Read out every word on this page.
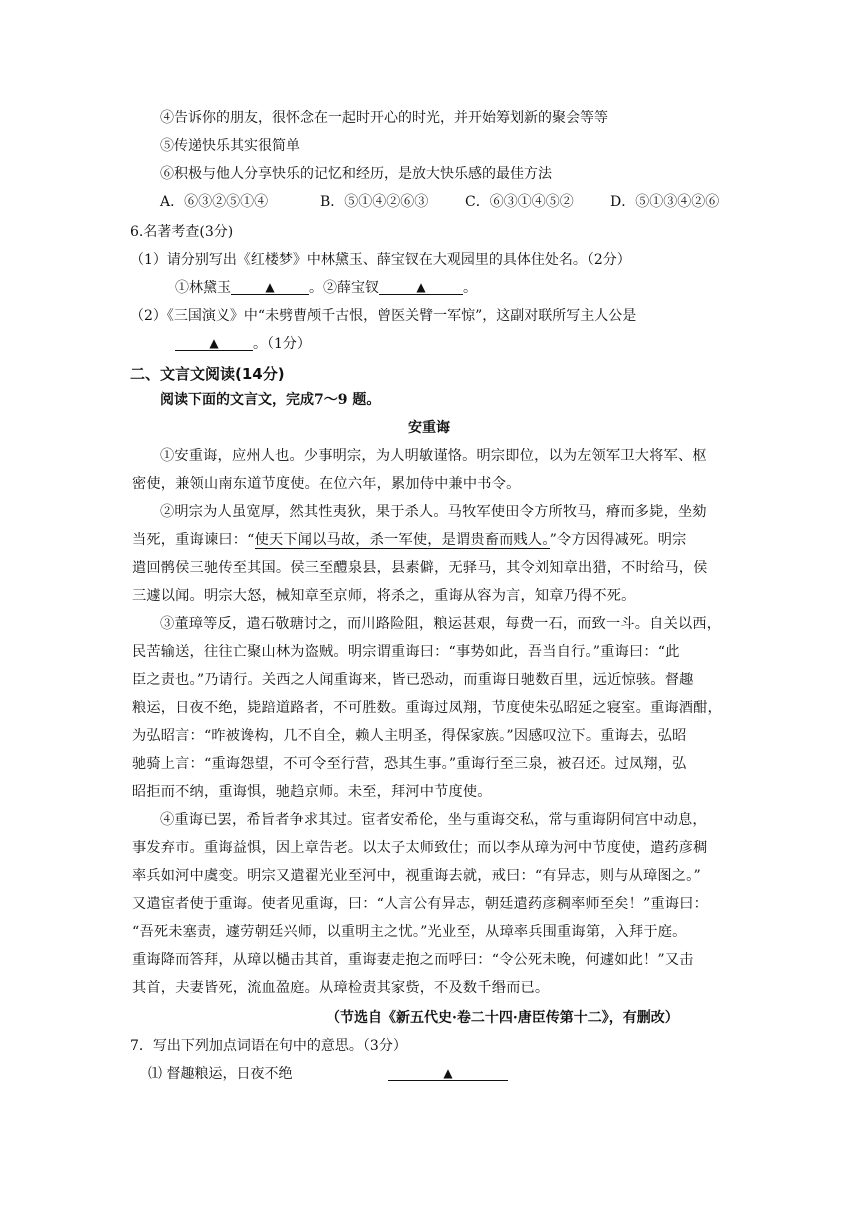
④告诉你的朋友，很怀念在一起时开心的时光，并开始筹划新的聚会等等
⑤传递快乐其实很简单
⑥积极与他人分享快乐的记忆和经历，是放大快乐感的最佳方法
A．⑥③②⑤①④	B．⑤①④②⑥③	C．⑥③①④⑤②	D．⑤①③④②⑥
6.名著考查(3分)
（1）请分别写出《红楼梦》中林黛玉、薛宝钗在大观园里的具体住处名。（2分）
①林黛玉	▲ 。②薛宝钗	▲	。
（2）《三国演义》中“未劈曹颅千古恨，曾医关臂一军惊”，这副对联所写主人公是
▲ 。（1分）
二、文言文阅读(14分)
阅读下面的文言文，完成7～9 题。
安重诲
①安重诲，应州人也。少事明宗，为人明敏谨恪。明宗即位，以为左领军卫大将军、枢
密使，兼领山南东道节度使。在位六年，累加侍中兼中书令。
②明宗为人虽宽厚，然其性夷狄，果于杀人。马牧军使田令方所牧马，瘠而多毙，坐劾
当死，重诲谏曰：“使天下闻以马故，杀一军使，是谓贵畜而贱人。”令方因得减死。明宗
遣回鹘侯三驰传至其国。侯三至醴泉县，县素僻，无驿马，其令刘知章出猎，不时给马，侯
三遽以闻。明宗大怒，械知章至京师，将杀之，重诲从容为言，知章乃得不死。
③董璋等反，遣石敬瑭讨之，而川路险阻，粮运甚艰，每费一石，而致一斗。自关以西，
民苦输送，往往亡聚山林为盗贼。明宗谓重诲曰：“事势如此，吾当自行。”重诲曰：“此
臣之责也。”乃请行。关西之人闻重诲来，皆已恐动，而重诲日驰数百里，远近惊骇。督趣
粮运，日夜不绝，毙踣道路者，不可胜数。重诲过凤翔，节度使朱弘昭延之寝室。重诲酒酣，
为弘昭言：“昨被谗构，几不自全，赖人主明圣，得保家族。”因感叹泣下。重诲去，弘昭
驰骑上言：“重诲怨望，不可令至行营，恐其生事。”重诲行至三泉，被召还。过凤翔，弘
昭拒而不纳，重诲惧，驰趋京师。未至，拜河中节度使。
④重诲已罢，希旨者争求其过。宦者安希伦，坐与重诲交私，常与重诲阴伺宫中动息，
事发弃市。重诲益惧，因上章告老。以太子太师致仕；而以李从璋为河中节度使，遣药彦稠
率兵如河中虞变。明宗又遣翟光业至河中，视重诲去就，戒曰：“有异志，则与从璋图之。”
又遣宦者使于重诲。使者见重诲，曰：“人言公有异志，朝廷遣药彦稠率师至矣！”重诲曰：
“吾死未塞责，遽劳朝廷兴师，以重明主之忧。”光业至，从璋率兵围重诲第，入拜于庭。
重诲降而答拜，从璋以檛击其首，重诲妻走抱之而呼曰：“令公死未晚，何遽如此！”又击
其首，夫妻皆死，流血盈庭。从璋检责其家赀，不及数千缗而已。
（节选自《新五代史·卷二十四·唐臣传第十二》，有删改）
7．写出下列加点词语在句中的意思。（3分）
⑴ 督趣粮运，日夜不绝	▲
